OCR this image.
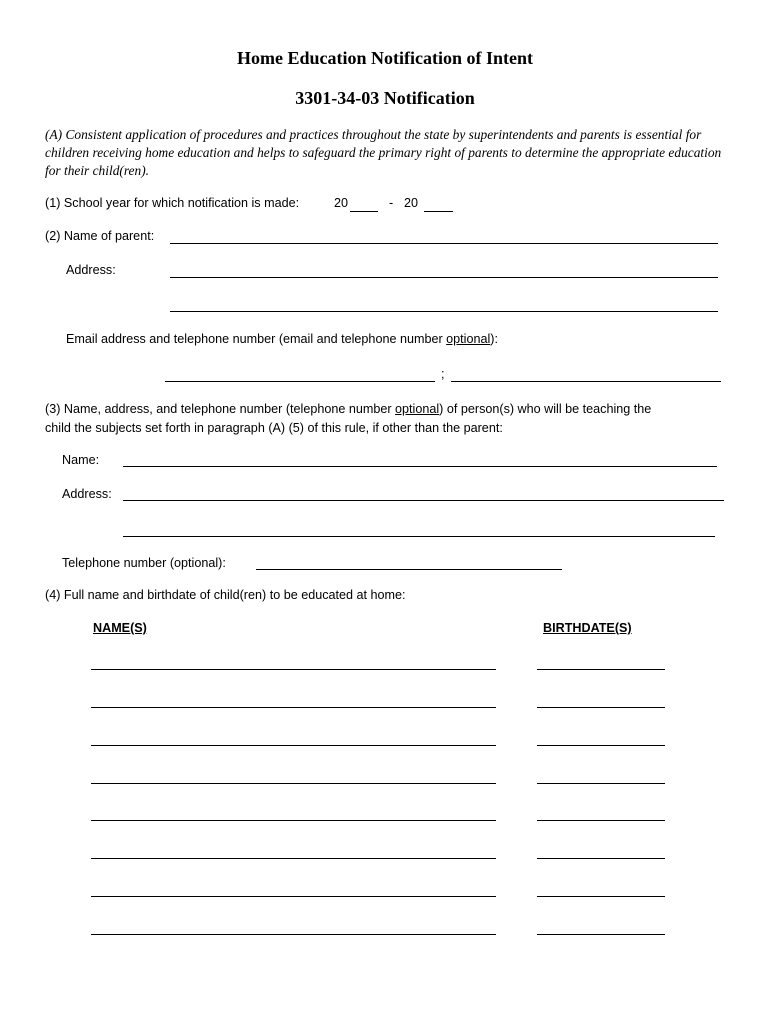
Home Education Notification of Intent
3301-34-03 Notification
(A) Consistent application of procedures and practices throughout the state by superintendents and parents is essential for children receiving home education and helps to safeguard the primary right of parents to determine the appropriate education for their child(ren).
(1) School year for which notification is made:	20	- 20
(2) Name of parent:
Address:
Email address and telephone number (email and telephone number optional):
;
(3) Name, address, and telephone number (telephone number optional) of person(s) who will be teaching the
child the subjects set forth in paragraph (A) (5) of this rule, if other than the parent:
Name:
Address:
Telephone number (optional):
(4) Full name and birthdate of child(ren) to be educated at home:
NAME(S)	BIRTHDATE(S)
